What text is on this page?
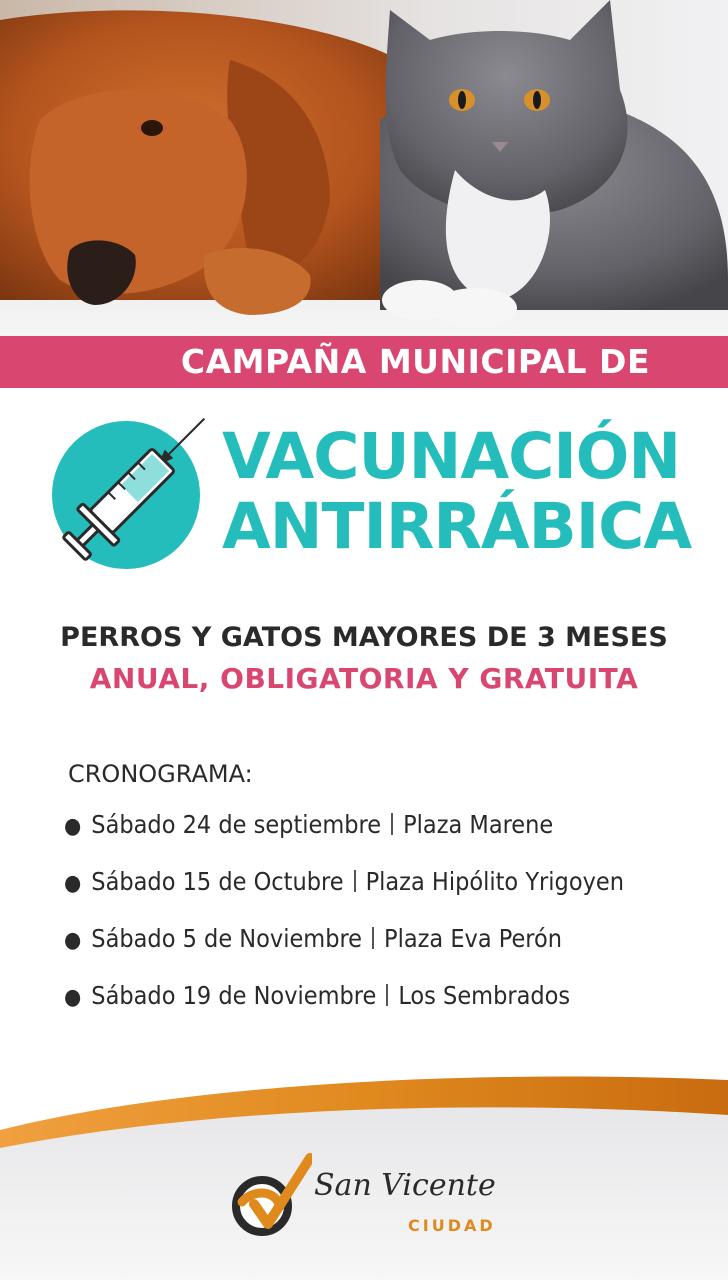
CAMPAÑA MUNICIPAL DE
VACUNACIÓN
ANTIRRÁBICA
PERROS Y GATOS MAYORES DE 3 MESES
ANUAL, OBLIGATORIA Y GRATUITA
CRONOGRAMA:
● Sábado 24 de septiembre Plaza Marene
● Sábado 15 de Octubre Plaza Hipólito Yrigoyen
● Sábado 5 de Noviembre Plaza Eva Perón
● Sábado 19 de Noviembre Los Sembrados
San Vicente
CIUDAD
